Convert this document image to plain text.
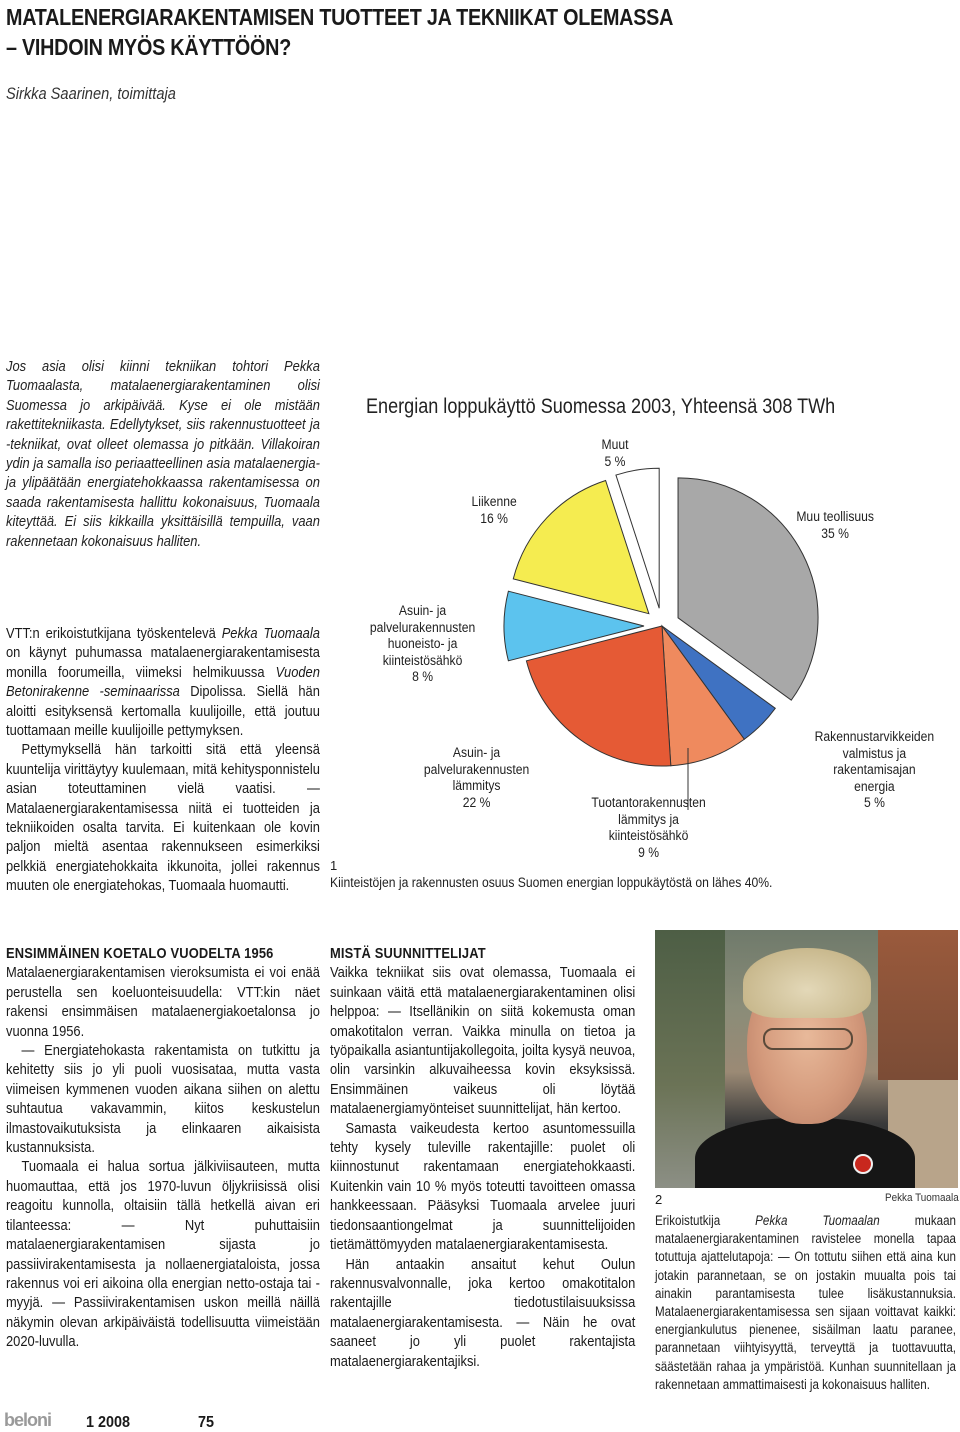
MATALENERGIARAKENTAMISEN TUOTTEET JA TEKNIIKAT OLEMASSA
– VIHDOIN MYÖS KÄYTTÖÖN?
Sirkka Saarinen, toimittaja

Jos asia olisi kiinni tekniikan tohtori Pekka Tuomaalasta, matalaenergiarakentaminen olisi Suomessa jo arkipäivää. Kyse ei ole mistään rakettitekniikasta. Edellytykset, siis rakennustuotteet ja -tekniikat, ovat olleet olemassa jo pitkään. Villakoiran ydin ja samalla iso periaatteellinen asia matalaenergia- ja ylipäätään energiatehokkaassa rakentamisessa on saada rakentamisesta hallittu kokonaisuus, Tuomaala kiteyttää. Ei siis kikkailla yksittäisillä tempuilla, vaan rakennetaan kokonaisuus halliten.

VTT:n erikoistutkijana työskentelevä Pekka Tuomaala on käynyt puhumassa matalaenergiarakentamisesta monilla foorumeilla, viimeksi helmikuussa Vuoden Betonirakenne -seminaarissa Dipolissa. Siellä hän aloitti esityksensä kertomalla kuulijoille, että joutuu tuottamaan meille kuulijoille pettymyksen.

Pettymyksellä hän tarkoitti sitä että yleensä kuuntelija virittäytyy kuulemaan, mitä kehitysponnistelu asian toteuttaminen vielä vaatisi. — Matalaenergiarakentamisessa niitä ei tuotteiden ja tekniikoiden osalta tarvita. Ei kuitenkaan ole kovin paljon mieltä asentaa rakennukseen esimerkiksi pelkkiä energiatehokkaita ikkunoita, jollei rakennus muuten ole energiatehokas, Tuomaala huomautti.

ENSIMMÄINEN KOETALO VUODELTA 1956

Matalaenergiarakentamisen vieroksumista ei voi enää perustella sen koeluonteisuudella: VTT:kin näet rakensi ensimmäisen matalaenergiakoetalonsa jo vuonna 1956.

— Energiatehokasta rakentamista on tutkittu ja kehitetty siis jo yli puoli vuosisataa, mutta vasta viimeisen kymmenen vuoden aikana siihen on alettu suhtautua vakavammin, kiitos keskustelun ilmastovaikutuksista ja elinkaaren aikaisista kustannuksista.

Tuomaala ei halua sortua jälkiviisauteen, mutta huomauttaa, että jos 1970-luvun öljykriisissä olisi reagoitu kunnolla, oltaisiin tällä hetkellä aivan eri tilanteessa: — Nyt puhuttaisiin matalaenergiarakentamisen sijasta jo passiivirakentamisesta ja nollaenergiataloista, jossa rakennus voi eri aikoina olla energian netto-ostaja tai -myyjä. — Passiivirakentamisen uskon meillä näillä näkymin olevan arkipäiväistä todellisuutta viimeistään 2020-luvulla.

MISTÄ SUUNNITTELIJAT

Vaikka tekniikat siis ovat olemassa, Tuomaala ei suinkaan väitä että matalaenergiarakentaminen olisi helppoa: — Itsellänikin on siitä kokemusta oman omakotitalon verran. Vaikka minulla on tietoa ja työpaikalla asiantuntijakollegoita, joilta kysyä neuvoa, olin varsinkin alkuvaiheessa kovin eksyksissä. Ensimmäinen vaikeus oli löytää matalaenergiamyönteiset suunnittelijat, hän kertoo.

Samasta vaikeudesta kertoo asuntomessuilla tehty kysely tuleville rakentajille: puolet oli kiinnostunut rakentamaan energiatehokkaasti. Kuitenkin vain 10 % myös toteutti tavoitteen omassa hankkeessaan. Pääsyksi Tuomaala arvelee juuri tiedonsaantiongelmat ja suunnittelijoiden tietämättömyyden matalaenergiarakentamisesta.

Hän antaakin ansaitut kehut Oulun rakennusvalvonnalle, joka kertoo omakotitalon rakentajille tiedotustilaisuuksissa matalaenergiarakentamisesta. — Näin he ovat saaneet jo yli puolet rakentajista matalaenergiarakentajiksi.

Energian loppukäyttö Suomessa 2003, Yhteensä 308 TWh
Muu teollisuus
35 %
Rakennustarvikkeiden
valmistus ja
rakentamisajan
energia
5 %
Tuotantorakennusten
lämmitys ja
kiinteistösähkö
9 %
Asuin- ja
palvelurakennusten
lämmitys
22 %
Asuin- ja
palvelurakennusten
huoneisto- ja
kiinteistösähkö
8 %
Liikenne
16 %
Muut
5 %
1
Kiinteistöjen ja rakennusten osuus Suomen energian loppukäytöstä on lähes 40%.
2	Pekka Tuomaala
Erikoistutkija Pekka Tuomaalan mukaan matalaenergiarakentaminen ravistelee monella tapaa totuttuja ajattelutapoja: — On tottutu siihen että aina kun jotakin parannetaan, se on jostakin muualta pois tai ainakin parantamisesta tulee lisäkustannuksia. Matalaenergiarakentamisessa sen sijaan voittavat kaikki: energiankulutus pienenee, sisäilman laatu paranee, parannetaan viihtyisyyttä, terveyttä ja tuottavuutta, säästetään rahaa ja ympäristöä. Kunhan suunnitellaan ja rakennetaan ammattimaisesti ja kokonaisuus halliten.
beloni 1 2008	75
